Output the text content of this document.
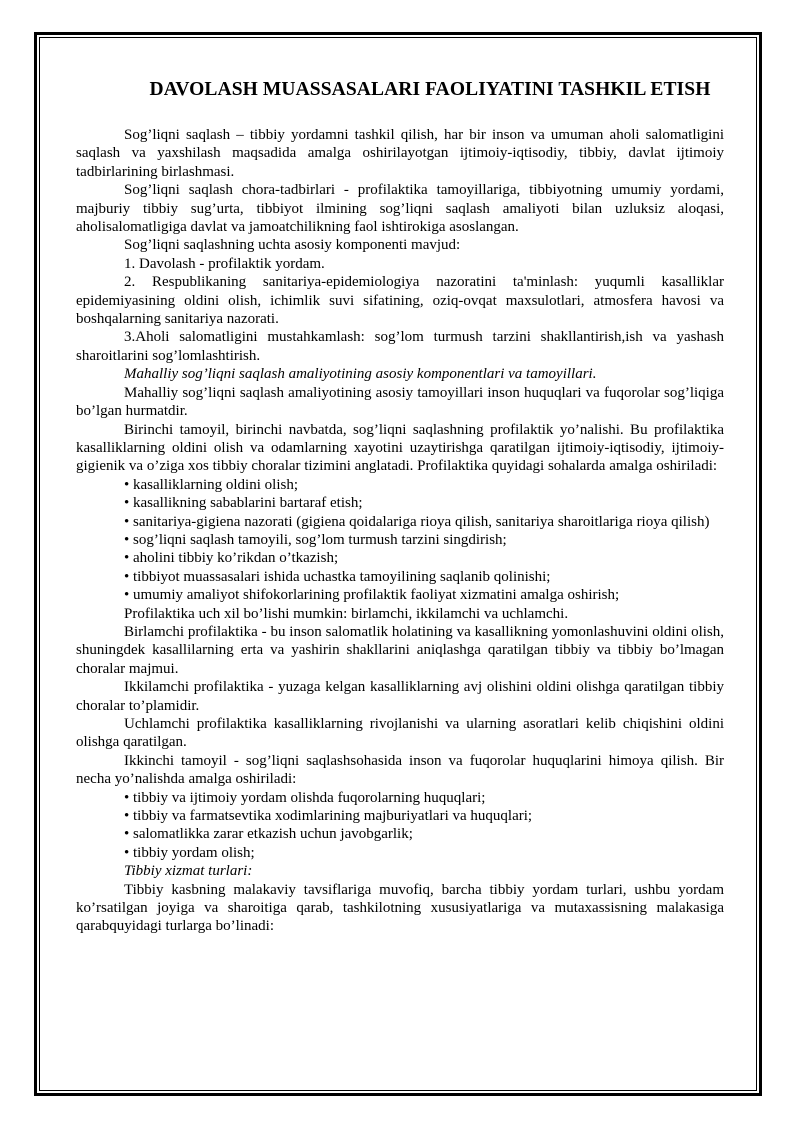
DAVOLASH MUASSASALARI FAOLIYATINI TASHKIL ETISH

Sog’liqni saqlash – tibbiy yordamni tashkil qilish, har bir inson va umuman aholi salomatligini saqlash va yaxshilash maqsadida amalga oshirilayotgan ijtimoiy-iqtisodiy, tibbiy, davlat ijtimoiy tadbirlarining birlashmasi.

Sog’liqni saqlash chora-tadbirlari - profilaktika tamoyillariga, tibbiyotning umumiy yordami, majburiy tibbiy sug’urta, tibbiyot ilmining sog’liqni saqlash amaliyoti bilan uzluksiz aloqasi, aholisalomatligiga davlat va jamoatchilikning faol ishtirokiga asoslangan.

Sog’liqni saqlashning uchta asosiy komponenti mavjud:

1. Davolash - profilaktik yordam.

2. Respublikaning sanitariya-epidemiologiya nazoratini ta'minlash: yuqumli kasalliklar epidemiyasining oldini olish, ichimlik suvi sifatining, oziq-ovqat maxsulotlari, atmosfera havosi va boshqalarning sanitariya nazorati.

3.Aholi salomatligini mustahkamlash: sog’lom turmush tarzini shakllantirish,ish va yashash sharoitlarini sog’lomlashtirish.

Mahalliy sog’liqni saqlash amaliyotining asosiy komponentlari va tamoyillari.

Mahalliy sog’liqni saqlash amaliyotining asosiy tamoyillari inson huquqlari va fuqorolar sog’liqiga bo’lgan hurmatdir.

Birinchi tamoyil, birinchi navbatda, sog’liqni saqlashning profilaktik yo’nalishi. Bu profilaktika kasalliklarning oldini olish va odamlarning xayotini uzaytirishga qaratilgan ijtimoiy-iqtisodiy, ijtimoiy-gigienik va o’ziga xos tibbiy choralar tizimini anglatadi. Profilaktika quyidagi sohalarda amalga oshiriladi:

• kasalliklarning oldini olish;

• kasallikning sabablarini bartaraf etish;

• sanitariya-gigiena nazorati (gigiena qoidalariga rioya qilish, sanitariya sharoitlariga rioya qilish)

• sog’liqni saqlash tamoyili, sog’lom turmush tarzini singdirish;

• aholini tibbiy ko’rikdan o’tkazish;

• tibbiyot muassasalari ishida uchastka tamoyilining saqlanib qolinishi;

• umumiy amaliyot shifokorlarining profilaktik faoliyat xizmatini amalga oshirish;

Profilaktika uch xil bo’lishi mumkin: birlamchi, ikkilamchi va uchlamchi.

Birlamchi profilaktika - bu inson salomatlik holatining va kasallikning yomonlashuvini oldini olish, shuningdek kasallilarning erta va yashirin shakllarini aniqlashga qaratilgan tibbiy va tibbiy bo’lmagan choralar majmui.

Ikkilamchi profilaktika - yuzaga kelgan kasalliklarning avj olishini oldini olishga qaratilgan tibbiy choralar to’plamidir.

Uchlamchi profilaktika kasalliklarning rivojlanishi va ularning asoratlari kelib chiqishini oldini olishga qaratilgan.

Ikkinchi tamoyil - sog’liqni saqlashsohasida inson va fuqorolar huquqlarini himoya qilish. Bir necha yo’nalishda amalga oshiriladi:

• tibbiy va ijtimoiy yordam olishda fuqorolarning huquqlari;

• tibbiy va farmatsevtika xodimlarining majburiyatlari va huquqlari;

• salomatlikka zarar etkazish uchun javobgarlik;

• tibbiy yordam olish;

Tibbiy xizmat turlari:

Tibbiy kasbning malakaviy tavsiflariga muvofiq, barcha tibbiy yordam turlari, ushbu yordam ko’rsatilgan joyiga va sharoitiga qarab, tashkilotning xususiyatlariga va mutaxassisning malakasiga qarabquyidagi turlarga bo’linadi:
